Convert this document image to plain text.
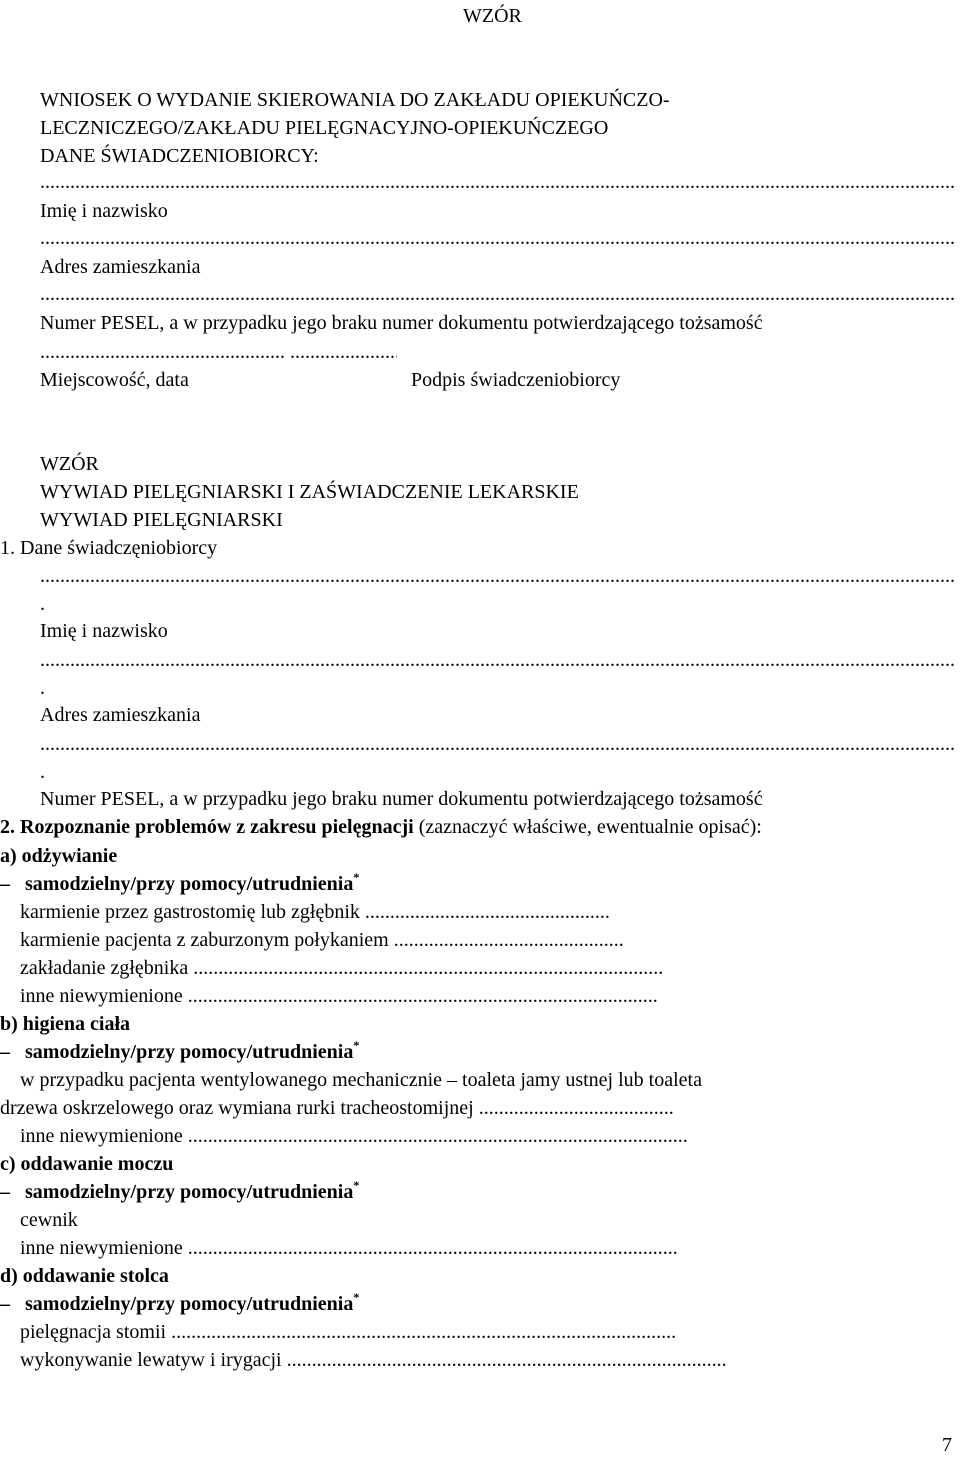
WZÓR
WNIOSEK O WYDANIE SKIEROWANIA DO ZAKŁADU OPIEKUŃCZO-
LECZNICZEGO/ZAKŁADU PIELĘGNACYJNO-OPIEKUŃCZEGO
DANE ŚWIADCZENIOBIORCY:
.....
Imię i nazwisko
.....
Adres zamieszkania
.....
Numer PESEL, a w przypadku jego braku numer dokumentu potwierdzającego tożsamość
.....
.....
Miejscowość, data	Podpis świadczeniobiorcy
WZÓR
WYWIAD PIELĘGNIARSKI I ZAŚWIADCZENIE LEKARSKIE
WYWIAD PIELĘGNIARSKI
1. Dane świadczęniobiorcy
.....
.
Imię i nazwisko
.....
.
Adres zamieszkania
.....
.
Numer PESEL, a w przypadku jego braku numer dokumentu potwierdzającego tożsamość
2. Rozpoznanie problemów z zakresu pielęgnacji (zaznaczyć właściwe, ewentualnie opisać):
a) odżywianie
–   samodzielny/przy pomocy/utrudnienia*
karmienie przez gastrostomię lub zgłębnik .................................................
karmienie pacjenta z zaburzonym połykaniem ..............................................
zakładanie zgłębnika ..............................................................................................
inne niewymienione ..............................................................................................
b) higiena ciała
–   samodzielny/przy pomocy/utrudnienia*
w przypadku pacjenta wentylowanego mechanicznie – toaleta jamy ustnej lub toaleta
drzewa oskrzelowego oraz wymiana rurki tracheostomijnej .......................................
inne niewymienione ....................................................................................................
c) oddawanie moczu
–   samodzielny/przy pomocy/utrudnienia*
cewnik
inne niewymienione ..................................................................................................
d) oddawanie stolca
–   samodzielny/przy pomocy/utrudnienia*
pielęgnacja stomii .....................................................................................................
wykonywanie lewatyw i irygacji ........................................................................................
7
